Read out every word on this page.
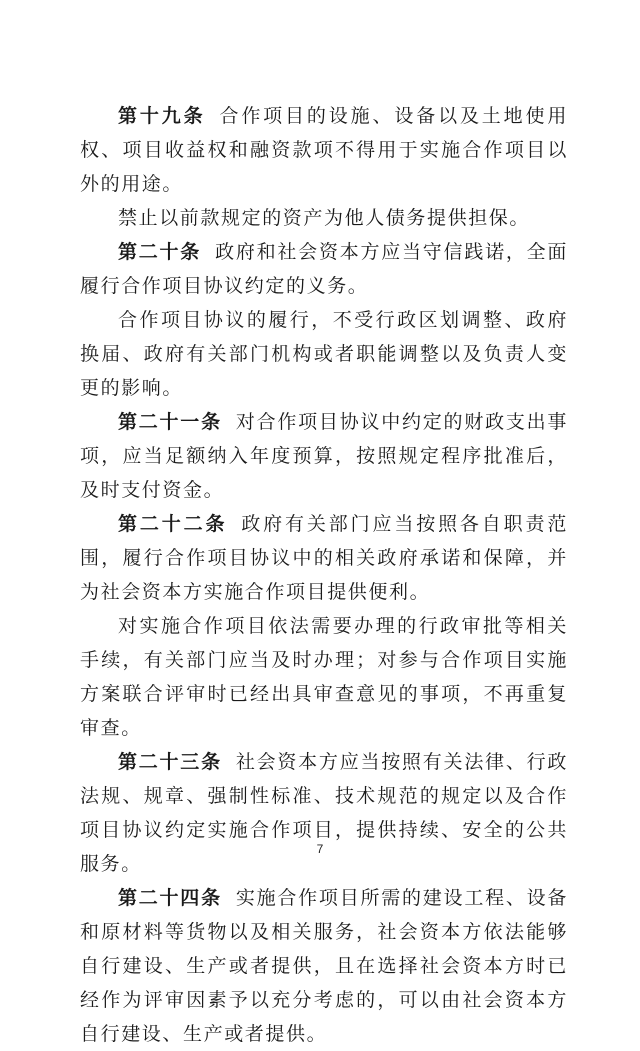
第十九条 合作项目的设施、设备以及土地使用权、项目收益权和融资款项不得用于实施合作项目以外的用途。

禁止以前款规定的资产为他人债务提供担保。

第二十条 政府和社会资本方应当守信践诺，全面履行合作项目协议约定的义务。

合作项目协议的履行，不受行政区划调整、政府换届、政府有关部门机构或者职能调整以及负责人变更的影响。

第二十一条 对合作项目协议中约定的财政支出事项，应当足额纳入年度预算，按照规定程序批准后，及时支付资金。

第二十二条 政府有关部门应当按照各自职责范围，履行合作项目协议中的相关政府承诺和保障，并为社会资本方实施合作项目提供便利。

对实施合作项目依法需要办理的行政审批等相关手续，有关部门应当及时办理；对参与合作项目实施方案联合评审时已经出具审查意见的事项，不再重复审查。

第二十三条 社会资本方应当按照有关法律、行政法规、规章、强制性标准、技术规范的规定以及合作项目协议约定实施合作项目，提供持续、安全的公共服务。

第二十四条 实施合作项目所需的建设工程、设备和原材料等货物以及相关服务，社会资本方依法能够自行建设、生产或者提供，且在选择社会资本方时已经作为评审因素予以充分考虑的，可以由社会资本方自行建设、生产或者提供。

7
